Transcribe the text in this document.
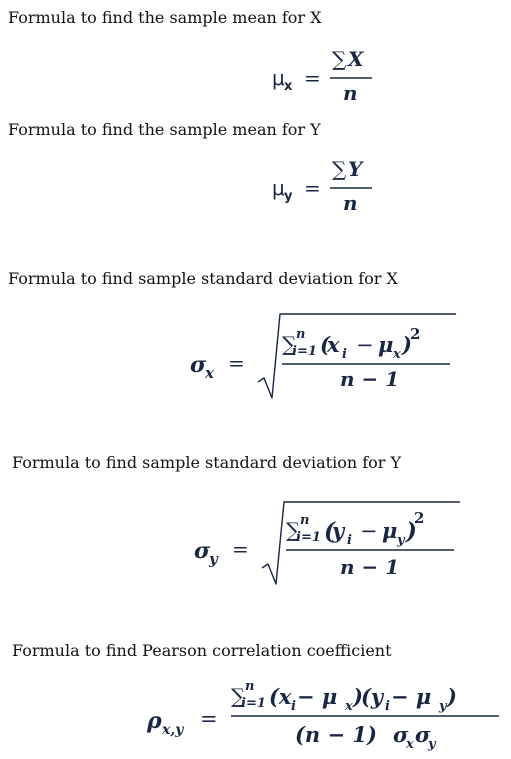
Formula to find the sample mean for X
μ x =
∑ X
n
Formula to find the sample mean for Y
μ y =
∑ Y
n
Formula to find sample standard deviation for X
σ
x =
∑ n
i=1 (
x i − μ x )
2
n − 1
Formula to find sample standard deviation for Y
σ
y =
∑ n
i=1 (
y i − μ y )
2
n − 1
Formula to find Pearson correlation coefficient
ρ x,y =
∑ n
i=1 (x i − μ x )
(y i − μ y )
(n − 1) σ
x σ
y
